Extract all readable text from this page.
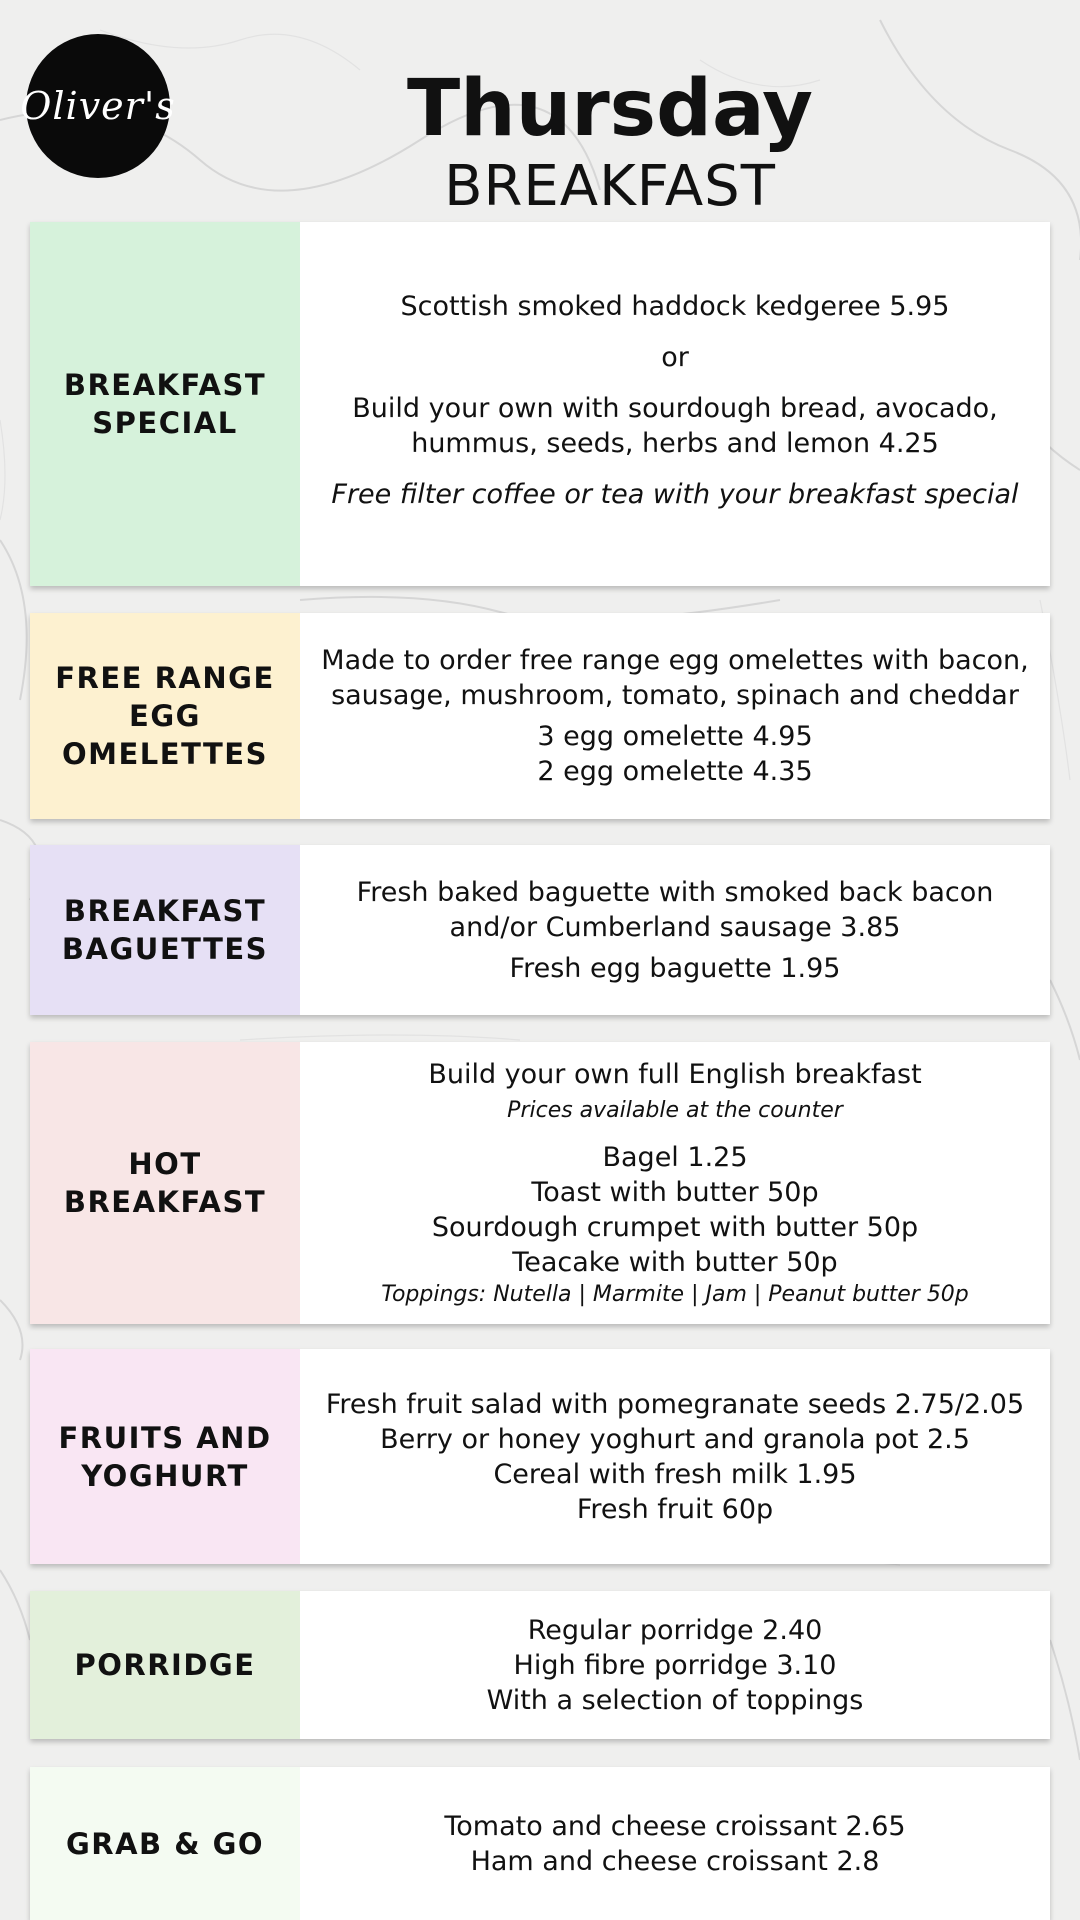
Oliver's	Thursday

BREAKFAST

BREAKFAST SPECIAL

Scottish smoked haddock kedgeree 5.95

or

Build your own with sourdough bread, avocado, hummus, seeds, herbs and lemon 4.25

Free filter coffee or tea with your breakfast special

FREE RANGE EGG OMELETTES

Made to order free range egg omelettes with bacon, sausage, mushroom, tomato, spinach and cheddar

3 egg omelette 4.95

2 egg omelette 4.35

BREAKFAST BAGUETTES

Fresh baked baguette with smoked back bacon and/or Cumberland sausage 3.85

Fresh egg baguette 1.95

HOT BREAKFAST

Build your own full English breakfast

Prices available at the counter

Bagel 1.25

Toast with butter 50p

Sourdough crumpet with butter 50p

Teacake with butter 50p

Toppings: Nutella | Marmite | Jam | Peanut butter 50p

FRUITS AND YOGHURT

Fresh fruit salad with pomegranate seeds 2.75/2.05

Berry or honey yoghurt and granola pot 2.5

Cereal with fresh milk 1.95

Fresh fruit 60p

PORRIDGE

Regular porridge 2.40

High fibre porridge 3.10

With a selection of toppings

GRAB & GO

Tomato and cheese croissant 2.65

Ham and cheese croissant 2.8
